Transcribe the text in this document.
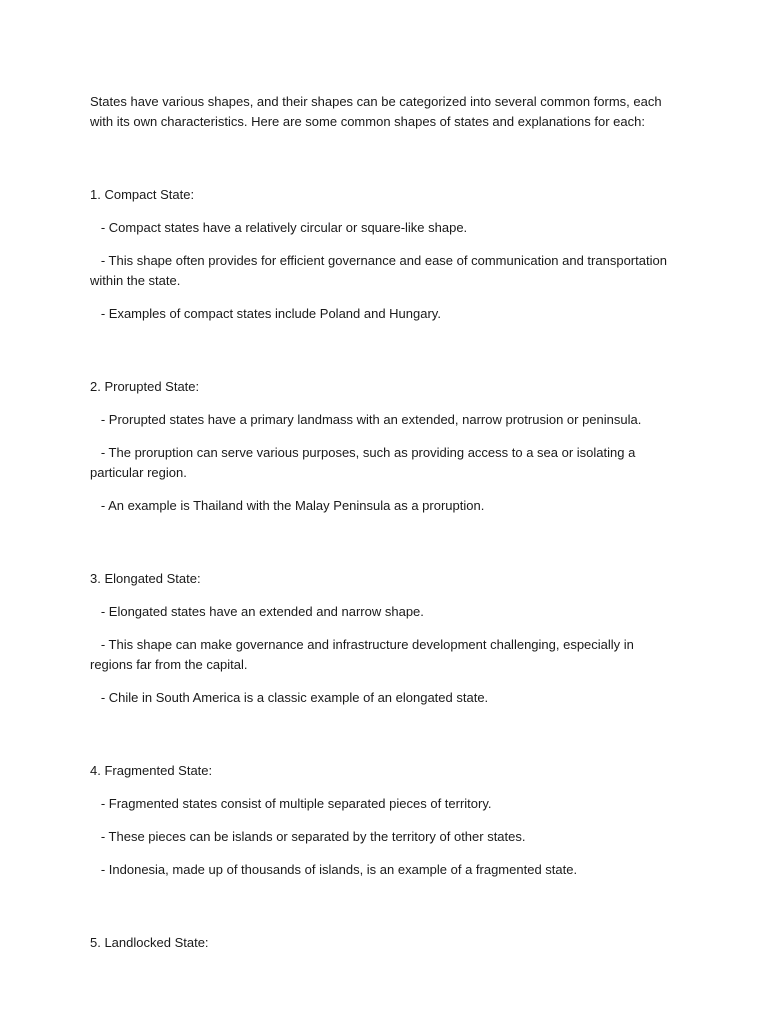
States have various shapes, and their shapes can be categorized into several common forms, each with its own characteristics. Here are some common shapes of states and explanations for each:

1. Compact State:

- Compact states have a relatively circular or square-like shape.

- This shape often provides for efficient governance and ease of communication and transportation within the state.

- Examples of compact states include Poland and Hungary.

2. Prorupted State:

- Prorupted states have a primary landmass with an extended, narrow protrusion or peninsula.

- The proruption can serve various purposes, such as providing access to a sea or isolating a particular region.

- An example is Thailand with the Malay Peninsula as a proruption.

3. Elongated State:

- Elongated states have an extended and narrow shape.

- This shape can make governance and infrastructure development challenging, especially in regions far from the capital.

- Chile in South America is a classic example of an elongated state.

4. Fragmented State:

- Fragmented states consist of multiple separated pieces of territory.

- These pieces can be islands or separated by the territory of other states.

- Indonesia, made up of thousands of islands, is an example of a fragmented state.

5. Landlocked State:
